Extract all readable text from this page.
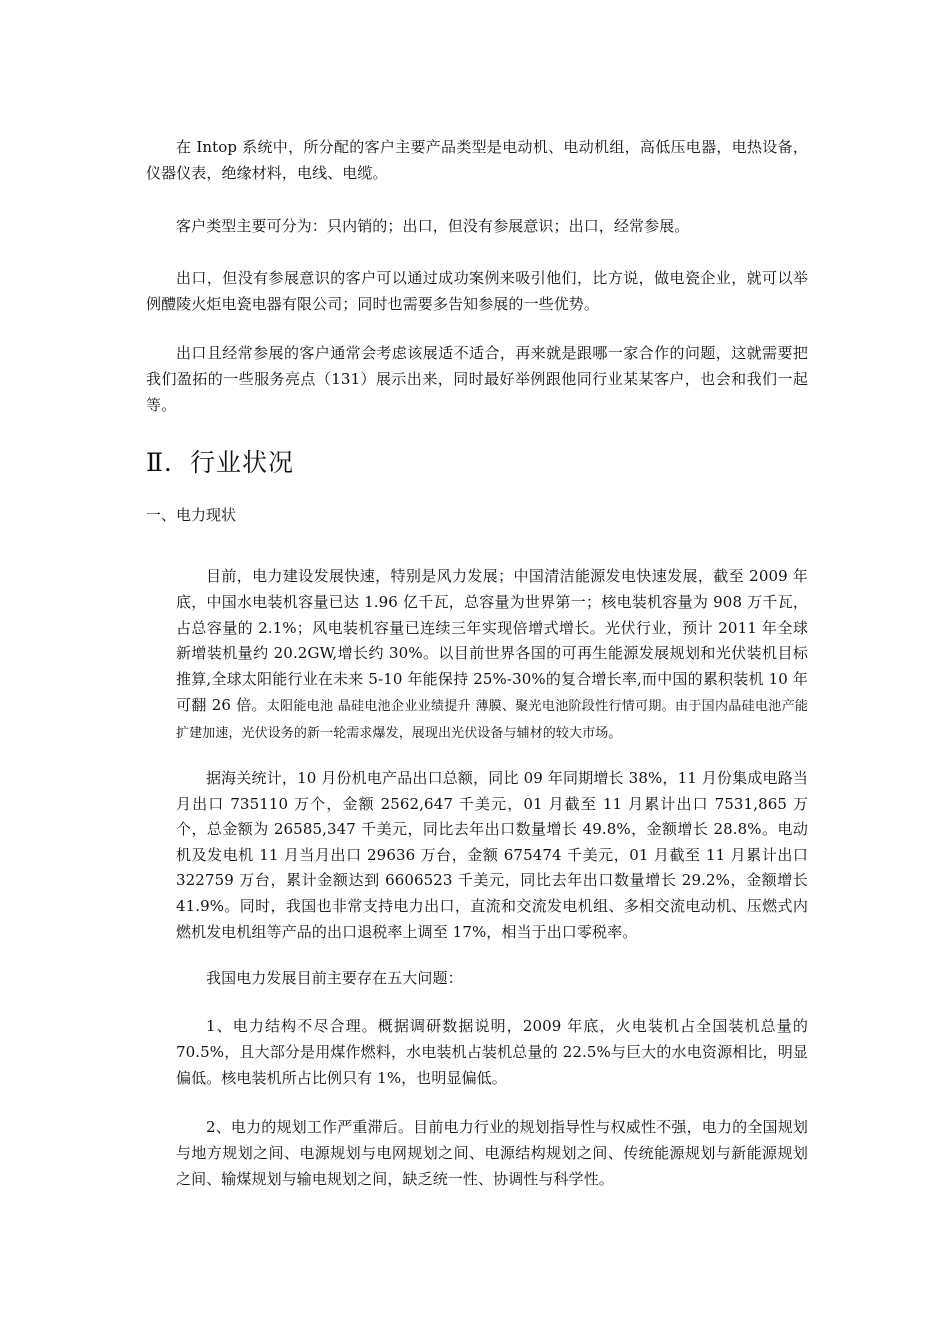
在 Intop 系统中，所分配的客户主要产品类型是电动机、电动机组，高低压电器，电热设备，仪器仪表，绝缘材料，电线、电缆。

客户类型主要可分为：只内销的；出口，但没有参展意识；出口，经常参展。

出口，但没有参展意识的客户可以通过成功案例来吸引他们，比方说，做电瓷企业，就可以举例醴陵火炬电瓷电器有限公司；同时也需要多告知参展的一些优势。

出口且经常参展的客户通常会考虑该展适不适合，再来就是跟哪一家合作的问题，这就需要把我们盈拓的一些服务亮点（131）展示出来，同时最好举例跟他同行业某某客户，也会和我们一起等。

Ⅱ．行业状况
一、电力现状

目前，电力建设发展快速，特别是风力发展；中国清洁能源发电快速发展，截至 2009 年底，中国水电装机容量已达 1.96 亿千瓦，总容量为世界第一；核电装机容量为 908 万千瓦，占总容量的 2.1%；风电装机容量已连续三年实现倍增式增长。光伏行业，预计 2011 年全球新增装机量约 20.2GW,增长约 30%。以目前世界各国的可再生能源发展规划和光伏装机目标推算,全球太阳能行业在未来 5-10 年能保持 25%-30%的复合增长率,而中国的累积装机 10 年可翻 26 倍。太阳能电池 晶硅电池企业业绩提升 薄膜、聚光电池阶段性行情可期。由于国内晶硅电池产能扩建加速，光伏设务的新一轮需求爆发，展现出光伏设备与辅材的较大市场。

据海关统计，10 月份机电产品出口总额，同比 09 年同期增长 38%，11 月份集成电路当月出口 735110 万个，金额 2562,647 千美元，01 月截至 11 月累计出口 7531,865 万个，总金额为 26585,347 千美元，同比去年出口数量增长 49.8%，金额增长 28.8%。电动机及发电机 11 月当月出口 29636 万台，金额 675474 千美元，01 月截至 11 月累计出口 322759 万台，累计金额达到 6606523 千美元，同比去年出口数量增长 29.2%，金额增长 41.9%。同时，我国也非常支持电力出口，直流和交流发电机组、多相交流电动机、压燃式内燃机发电机组等产品的出口退税率上调至 17%，相当于出口零税率。

我国电力发展目前主要存在五大问题：

1、电力结构不尽合理。概据调研数据说明，2009 年底，火电装机占全国装机总量的 70.5%，且大部分是用煤作燃料，水电装机占装机总量的 22.5%与巨大的水电资源相比，明显偏低。核电装机所占比例只有 1%，也明显偏低。

2、电力的规划工作严重滞后。目前电力行业的规划指导性与权威性不强，电力的全国规划与地方规划之间、电源规划与电网规划之间、电源结构规划之间、传统能源规划与新能源规划之间、输煤规划与输电规划之间，缺乏统一性、协调性与科学性。
